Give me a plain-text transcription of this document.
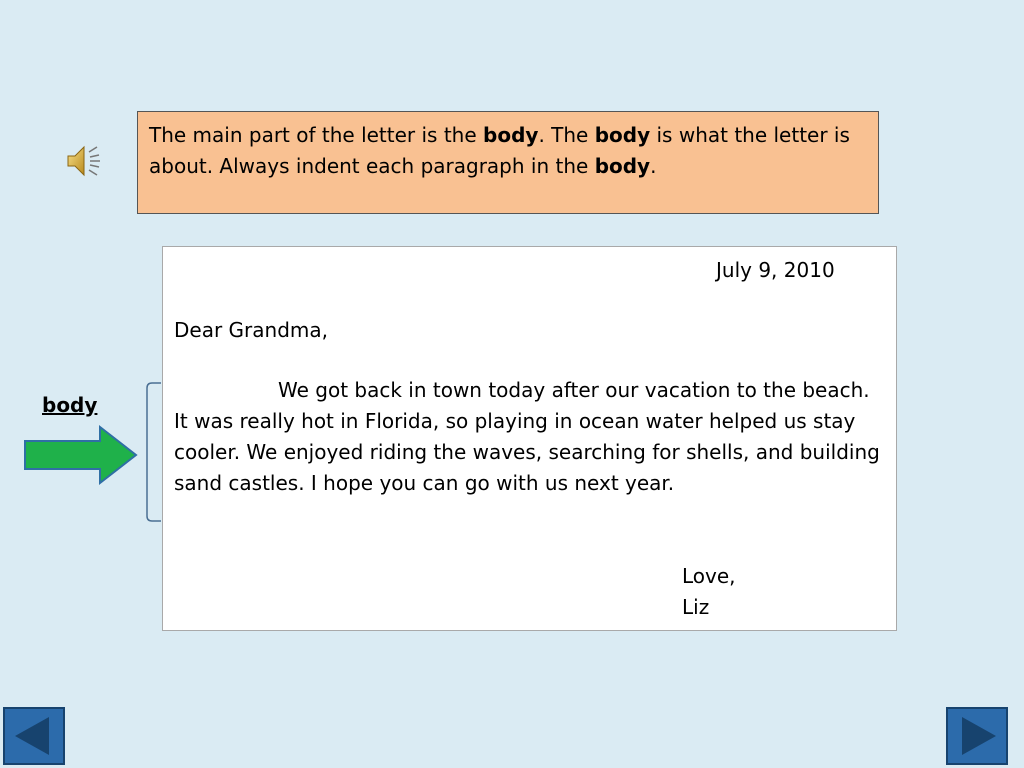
The main part of the letter is the body. The body is what the letter is about. Always indent each paragraph in the body.
July 9, 2010
Dear Grandma,
We got back in town today after our vacation to the beach. It was really hot in Florida, so playing in ocean water helped us stay cooler. We enjoyed riding the waves, searching for shells, and building sand castles. I hope you can go with us next year.
Love,
Liz
body
